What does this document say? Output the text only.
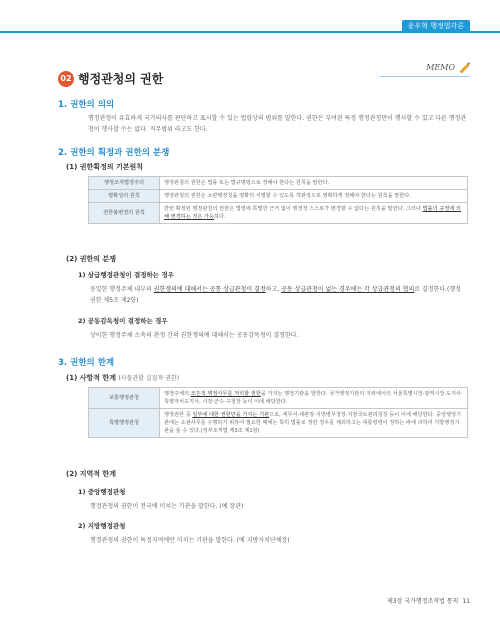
윤우혁 행정법각론
MEMO
02 행정관청의 권한
1. 권한의 의의
행정관청이 유효하게 국가의사를 판단하고 표시할 수 있는 법령상의 범위를 말한다. 권한은 부여된 특정 행정관청만이 행사할 수 있고 다른 행정관청이 행사할 수는 없다. 직무범위 라고도 한다.
2. 권한의 획정과 권한의 분쟁
(1) 권한획정의 기본원칙
행정조직법정주의	행정관청의 권한은 법률 또는 법규명령으로 정해야 한다는 원칙을 말한다.
명확성의 원칙	행정관청의 권한은 소관행정청을 명확히 식별할 수 있도록 객관적으로 명확하게 정해야 한다는 원칙을 말한다.
권한불변경의 원칙	한번 확정된 행정관청의 권한은 법령에 특별한 근거 없이 행정청 스스로가 변경할 수 없다는 원칙을 말한다. 그러나 법률의 규정에 의해 변경하는 것은 가능하다.
(2) 권한의 분쟁
1) 상급행정관청이 결정하는 경우
동일한 행정주체 내부의 권한쟁의에 대해서는 공통 상급관청이 결정하고, 공동 상급관청이 없는 경우에는 각 상급관청의 협의로 결정한다.(행정권한 제5조 제2항)
2) 공동감독청이 결정하는 경우
상이한 행정주체 소속의 관청 간의 권한쟁의에 대해서는 공동감독청이 결정한다.
3. 권한의 한계
(1) 사항적 한계 (사물관할 실질적 권한)
보통행정관청	행정주체의 모든적 행정사무를 처리할 권한을 가지는 행정기관을 말한다. 국가행정기관의 지위에서의 서울특별시장·광역시장·도지사·특별자치도지사, 시장·군수·구청장 등이 이에 해당한다.
특별행정관청	행정권한 중 일부에 대한 권한만을 가지는 기관으로, 세무서·세관장·지방병무청장·지방국토관리청장 등이 이에 해당한다. 중앙행정기관에는 소관사무를 수행하기 위하여 필요한 때에는 특히 법률로 정한 경우를 제외하고는 대통령령이 정하는 바에 의하여 지방행정기관을 둘 수 있다.(정부조직법 제3조 제1항)
(2) 지역적 한계
1) 중앙행정관청
행정관청의 권한이 전국에 미치는 기관을 말한다. (예 장관)
2) 지방행정관청
행정관청의 권한이 특정지역에만 미치는 기관을 말한다. (예 지방자치단체장)
제3장 국가행정조직법 통칙 11
